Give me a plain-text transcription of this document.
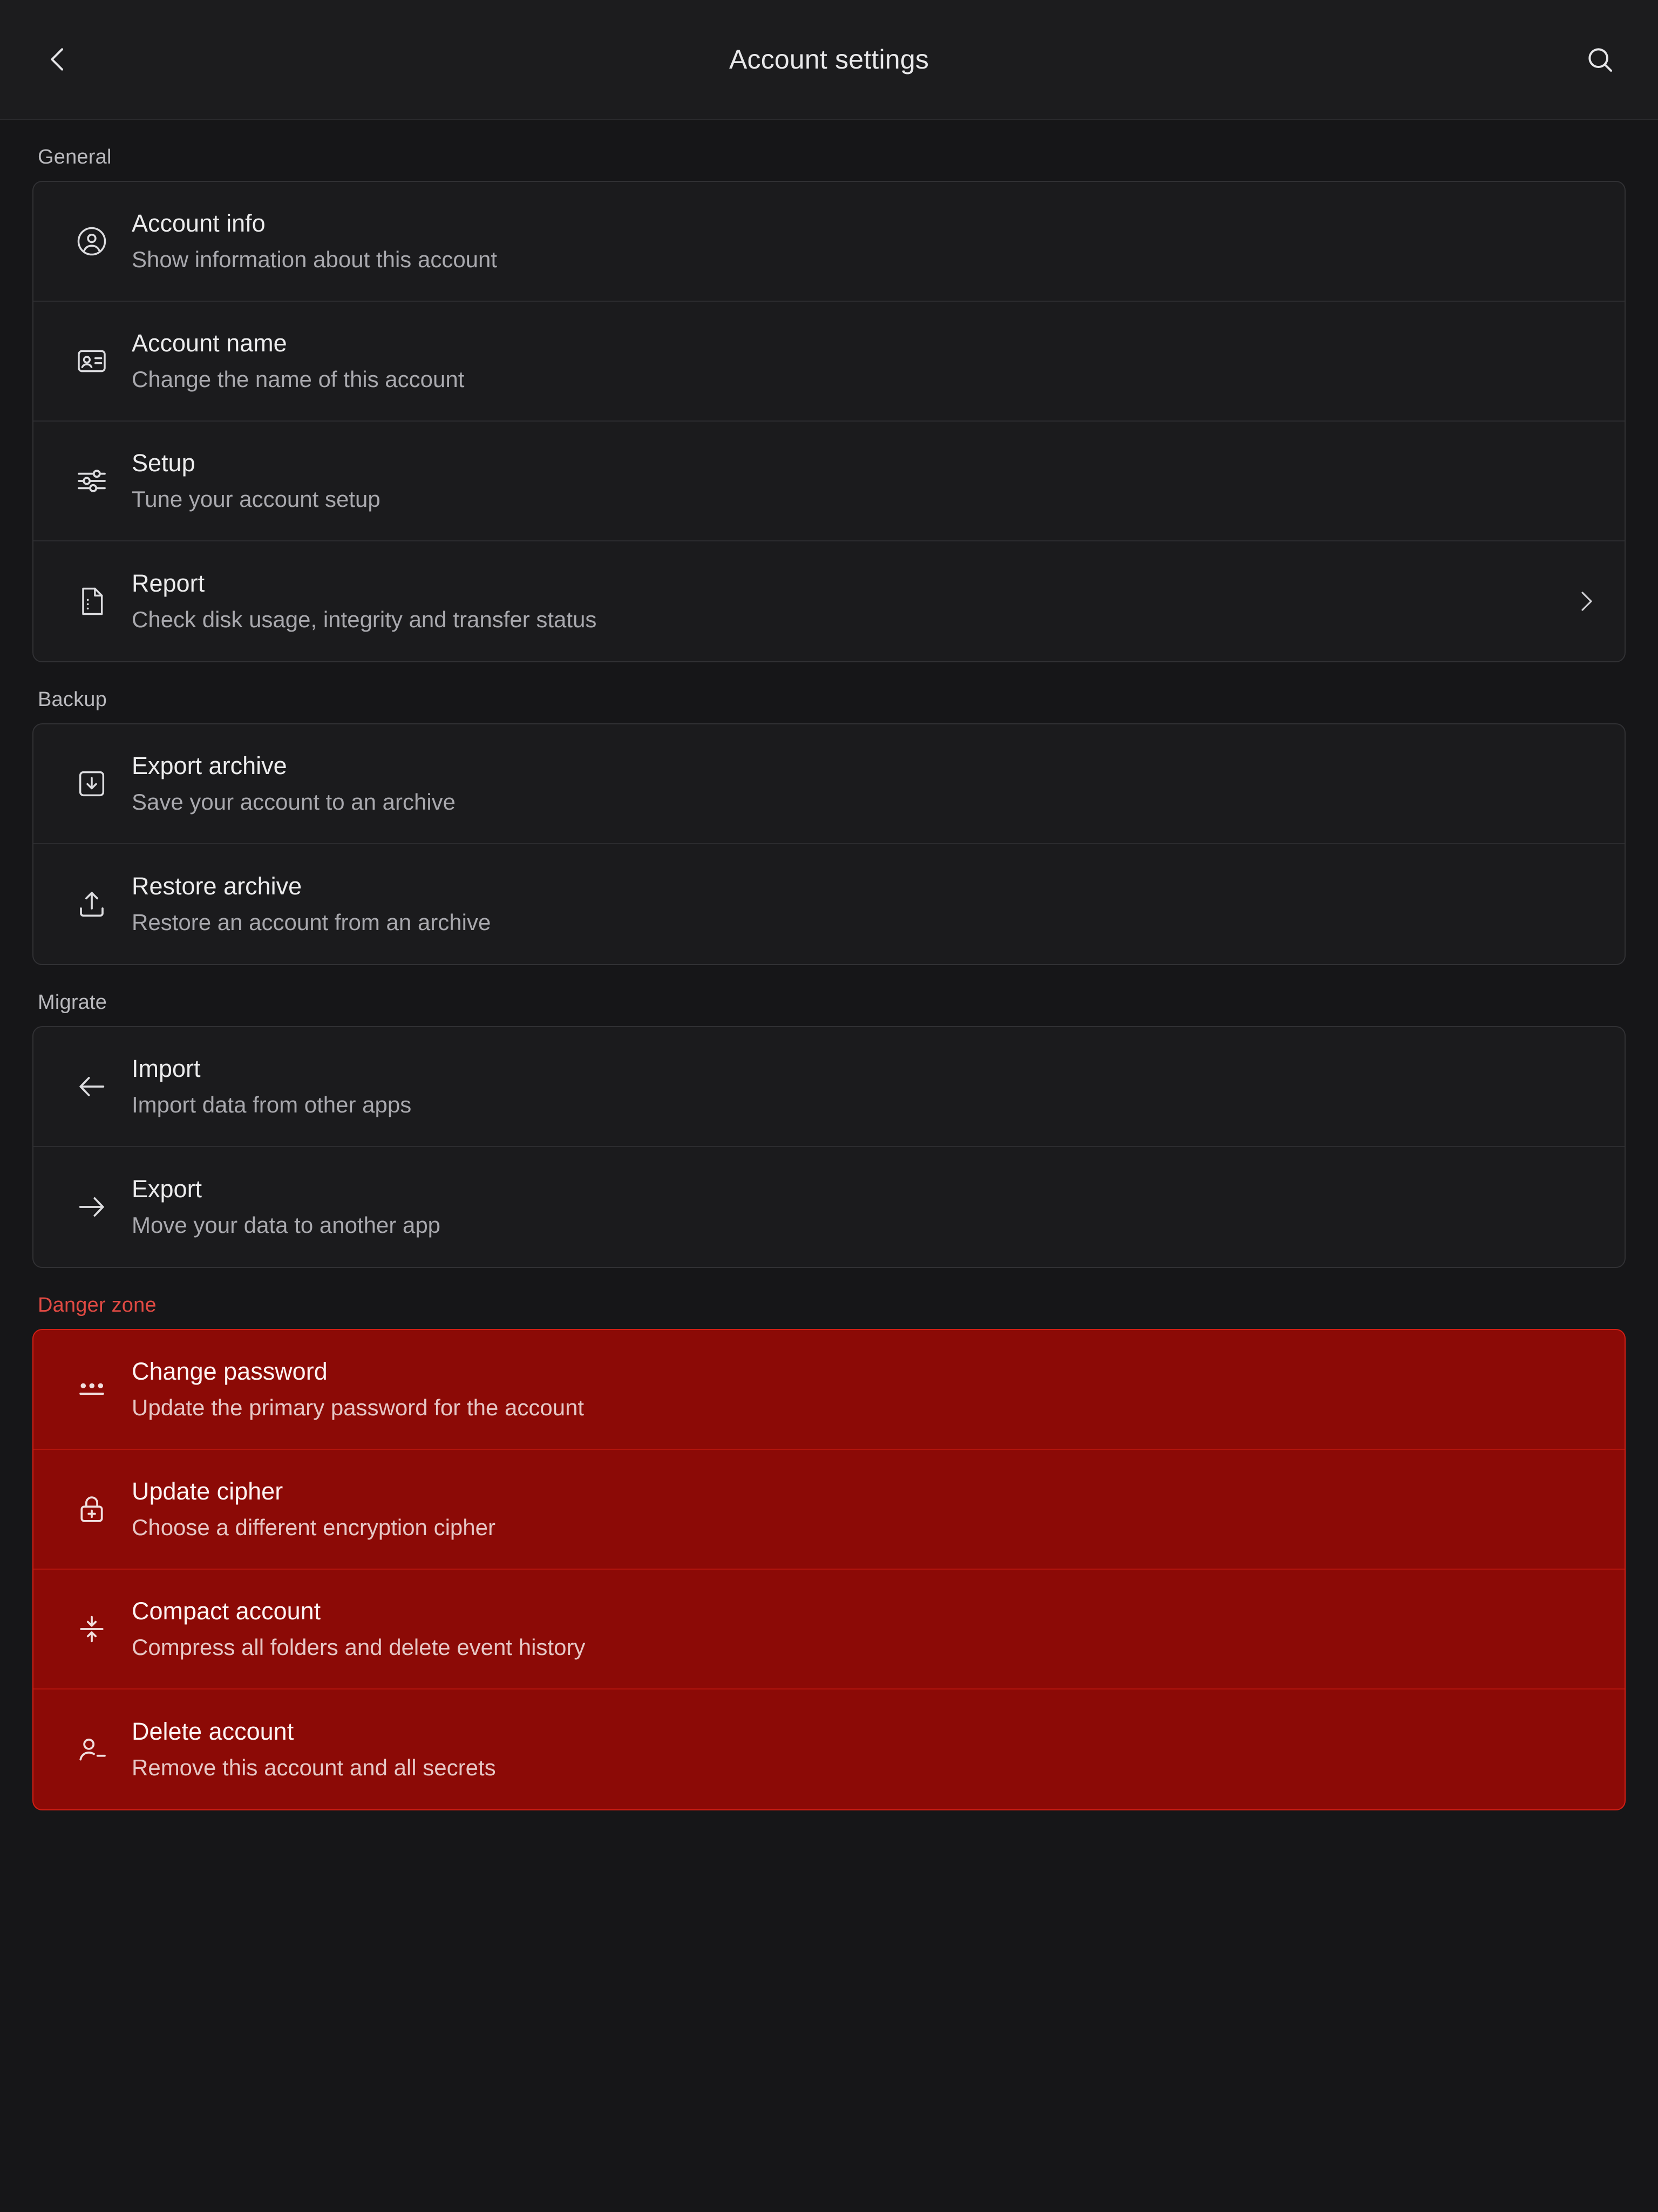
Account settings
General
Account info
Show information about this account
Account name
Change the name of this account
Setup
Tune your account setup
Report
Check disk usage, integrity and transfer status
Backup
Export archive
Save your account to an archive
Restore archive
Restore an account from an archive
Migrate
Import
Import data from other apps
Export
Move your data to another app
Danger zone
Change password
Update the primary password for the account
Update cipher
Choose a different encryption cipher
Compact account
Compress all folders and delete event history
Delete account
Remove this account and all secrets
